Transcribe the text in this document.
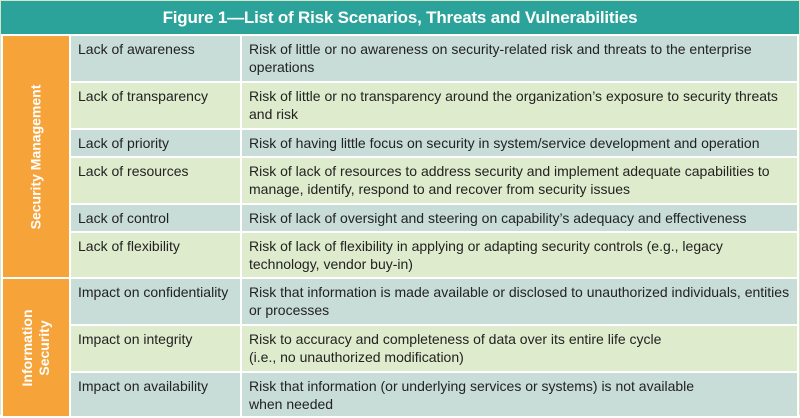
Figure 1—List of Risk Scenarios, Threats and Vulnerabilities
Security Management	Lack of awareness	Risk of little or no awareness on security-related risk and threats to the enterprise operations
	Lack of transparency	Risk of little or no transparency around the organization’s exposure to security threats and risk
	Lack of priority	Risk of having little focus on security in system/service development and operation
	Lack of resources	Risk of lack of resources to address security and implement adequate capabilities to manage, identify, respond to and recover from security issues
	Lack of control	Risk of lack of oversight and steering on capability’s adequacy and effectiveness
	Lack of flexibility	Risk of lack of flexibility in applying or adapting security controls (e.g., legacy technology, vendor buy-in)

Information Security	Impact on confidentiality	Risk that information is made available or disclosed to unauthorized individuals, entities or processes
	Impact on integrity	Risk to accuracy and completeness of data over its entire life cycle
(i.e., no unauthorized modification)

	Impact on availability	Risk that information (or underlying services or systems) is not available
when needed
